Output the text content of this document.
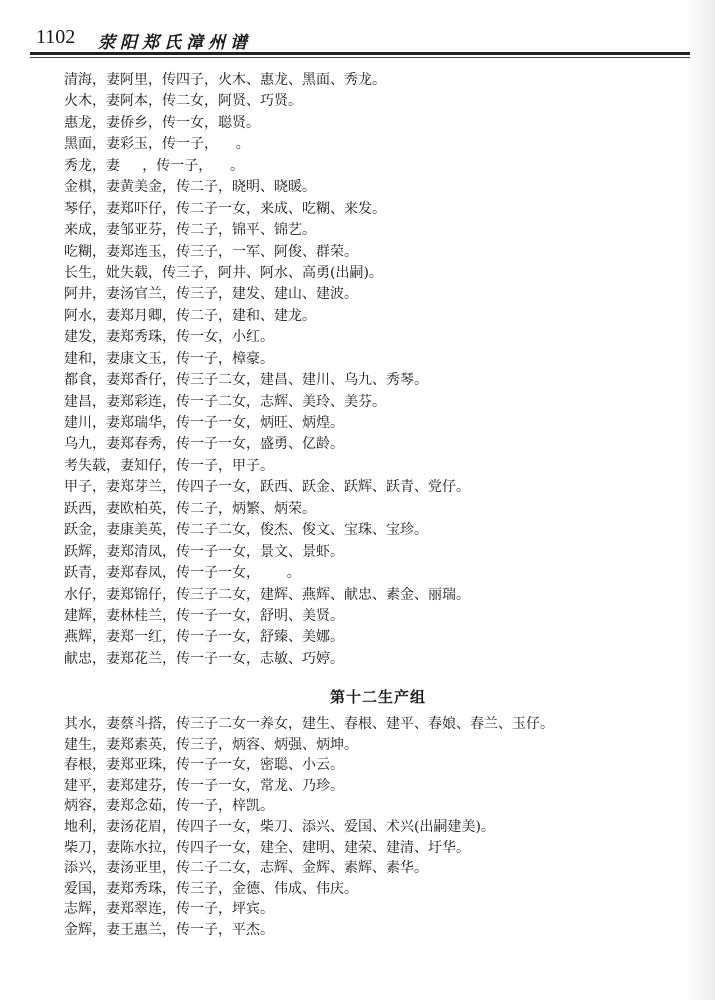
1102 荥阳郑氏漳州谱
清海，妻阿里，传四子，火木、惠龙、黑面、秀龙。
火木，妻阿本，传二女，阿贤、巧贤。
惠龙，妻侨乡，传一女，聪贤。
黑面，妻彩玉，传一子，    。
秀龙，妻     ，传一子，    。
金棋，妻黄美金，传二子，晓明、晓暖。
琴仔，妻郑吓仔，传二子一女，来成、吃糊、来发。
来成，妻邹亚芬，传二子，锦平、锦艺。
吃糊，妻郑连玉，传三子，一军、阿俊、群荣。
长生，妣失载，传三子，阿井、阿水、高勇(出嗣)。
阿井，妻汤官兰，传三子，建发、建山、建波。
阿水，妻郑月卿，传二子，建和、建龙。
建发，妻郑秀珠，传一女，小红。
建和，妻康文玉，传一子，樟豪。
都食，妻郑香仔，传三子二女，建昌、建川、乌九、秀琴。
建昌，妻郑彩连，传一子二女，志辉、美玲、美芬。
建川，妻郑瑞华，传一子一女，炳旺、炳煌。
乌九，妻郑春秀，传一子一女，盛勇、亿龄。
考失载，妻知仔，传一子，甲子。
甲子，妻郑芽兰，传四子一女，跃西、跃金、跃辉、跃青、党仔。
跃西，妻欧柏英，传二子，炳繁、炳荣。
跃金，妻康美英，传二子二女，俊杰、俊文、宝珠、宝珍。
跃辉，妻郑清凤，传一子一女，景文、景虾。
跃青，妻郑春凤，传一子一女，      。
水仔，妻郑锦仔，传三子二女，建辉、燕辉、献忠、素金、丽瑞。
建辉，妻林桂兰，传一子一女，舒明、美贤。
燕辉，妻郑一红，传一子一女，舒臻、美娜。
献忠，妻郑花兰，传一子一女，志敏、巧婷。
第十二生产组
其水，妻蔡斗搭，传三子二女一养女，建生、春根、建平、春娘、春兰、玉仔。
建生，妻郑素英，传三子，炳容、炳强、炳坤。
春根，妻郑亚珠，传一子一女，密聪、小云。
建平，妻郑建芬，传一子一女，常龙、乃珍。
炳容，妻郑念茹，传一子，梓凯。
地利，妻汤花眉，传四子一女，柴刀、添兴、爱国、术兴(出嗣建美)。
柴刀，妻陈水拉，传四子一女，建全、建明、建荣、建清、圩华。
添兴，妻汤亚里，传二子二女，志辉、金辉、素辉、素华。
爱国，妻郑秀珠，传三子，金德、伟成、伟庆。
志辉，妻郑翠连，传一子，坪宾。
金辉，妻王惠兰，传一子，平杰。
